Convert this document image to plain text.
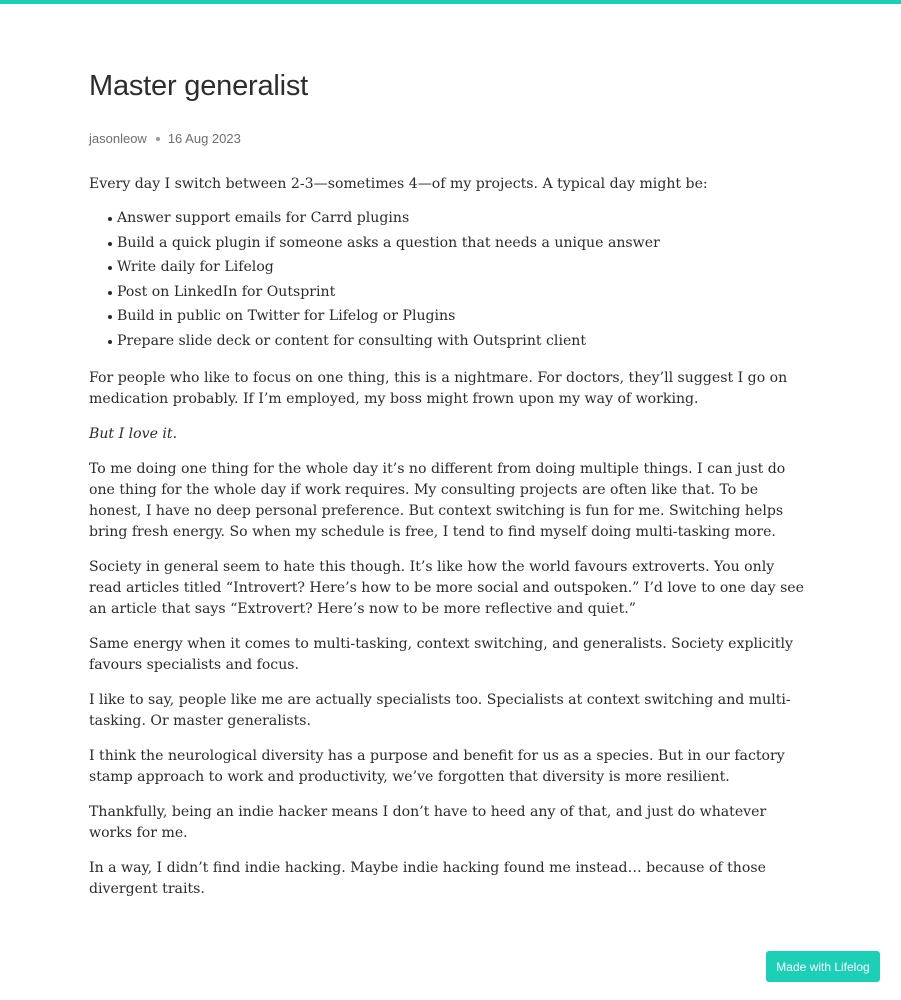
Master generalist
jasonleow 16 Aug 2023

Every day I switch between 2-3—sometimes 4—of my projects. A typical day might be:

Answer support emails for Carrd plugins
Build a quick plugin if someone asks a question that needs a unique answer
Write daily for Lifelog
Post on LinkedIn for Outsprint
Build in public on Twitter for Lifelog or Plugins
Prepare slide deck or content for consulting with Outsprint client

For people who like to focus on one thing, this is a nightmare. For doctors, they’ll suggest I go on medication probably. If I’m employed, my boss might frown upon my way of working.

But I love it.

To me doing one thing for the whole day it’s no different from doing multiple things. I can just do one thing for the whole day if work requires. My consulting projects are often like that. To be honest, I have no deep personal preference. But context switching is fun for me. Switching helps bring fresh energy. So when my schedule is free, I tend to find myself doing multi-tasking more.

Society in general seem to hate this though. It’s like how the world favours extroverts. You only read articles titled “Introvert? Here’s how to be more social and outspoken.” I’d love to one day see an article that says “Extrovert? Here’s now to be more reflective and quiet.”

Same energy when it comes to multi-tasking, context switching, and generalists. Society explicitly favours specialists and focus.

I like to say, people like me are actually specialists too. Specialists at context switching and multi-tasking. Or master generalists.

I think the neurological diversity has a purpose and benefit for us as a species. But in our factory stamp approach to work and productivity, we’ve forgotten that diversity is more resilient.

Thankfully, being an indie hacker means I don’t have to heed any of that, and just do whatever works for me.

In a way, I didn’t find indie hacking. Maybe indie hacking found me instead… because of those divergent traits.

Made with Lifelog
